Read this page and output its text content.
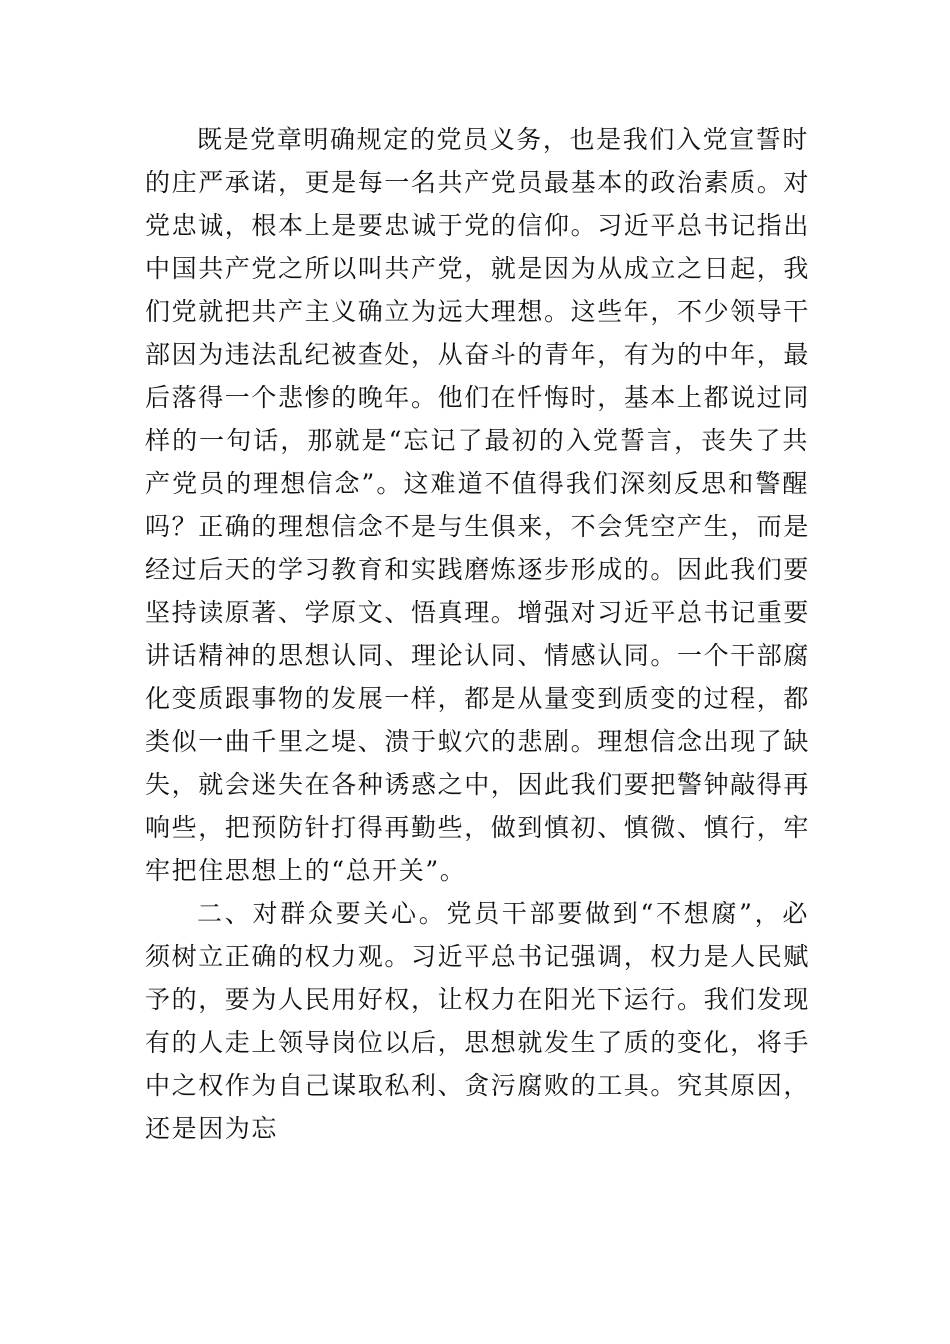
既是党章明确规定的党员义务，也是我们入党宣誓时
的庄严承诺，更是每一名共产党员最基本的政治素质。对
党忠诚，根本上是要忠诚于党的信仰。习近平总书记指出
中国共产党之所以叫共产党，就是因为从成立之日起，我
们党就把共产主义确立为远大理想。这些年，不少领导干
部因为违法乱纪被查处，从奋斗的青年，有为的中年，最
后落得一个悲惨的晚年。他们在忏悔时，基本上都说过同
样的一句话，那就是“忘记了最初的入党誓言，丧失了共
产党员的理想信念”。这难道不值得我们深刻反思和警醒
吗？正确的理想信念不是与生俱来，不会凭空产生，而是
经过后天的学习教育和实践磨炼逐步形成的。因此我们要
坚持读原著、学原文、悟真理。增强对习近平总书记重要
讲话精神的思想认同、理论认同、情感认同。一个干部腐
化变质跟事物的发展一样，都是从量变到质变的过程，都
类似一曲千里之堤、溃于蚁穴的悲剧。理想信念出现了缺
失，就会迷失在各种诱惑之中，因此我们要把警钟敲得再
响些，把预防针打得再勤些，做到慎初、慎微、慎行，牢
牢把住思想上的“总开关”。
二、对群众要关心。党员干部要做到“不想腐”，必
须树立正确的权力观。习近平总书记强调，权力是人民赋
予的，要为人民用好权，让权力在阳光下运行。我们发现
有的人走上领导岗位以后，思想就发生了质的变化，将手
中之权作为自己谋取私利、贪污腐败的工具。究其原因，
还是因为忘
